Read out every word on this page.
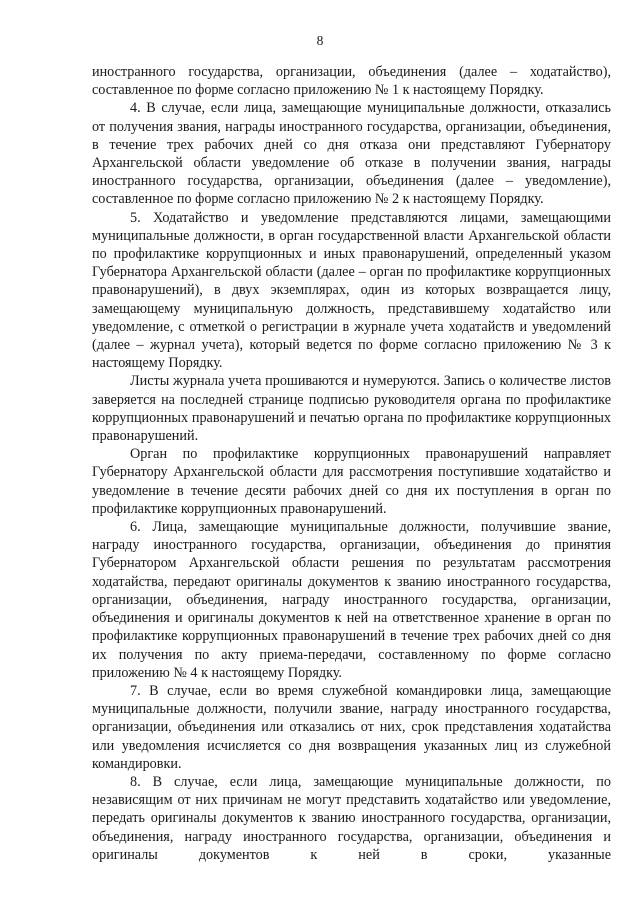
8

иностранного государства, организации, объединения (далее – ходатайство), составленное по форме согласно приложению № 1 к настоящему Порядку.

4. В случае, если лица, замещающие муниципальные должности, отказались от получения звания, награды иностранного государства, организации, объединения, в течение трех рабочих дней со дня отказа они представляют Губернатору Архангельской области уведомление об отказе в получении звания, награды иностранного государства, организации, объединения (далее – уведомление), составленное по форме согласно приложению № 2 к настоящему Порядку.

5. Ходатайство и уведомление представляются лицами, замещающими муниципальные должности, в орган государственной власти Архангельской области по профилактике коррупционных и иных правонарушений, определенный указом Губернатора Архангельской области (далее – орган по профилактике коррупционных правонарушений), в двух экземплярах, один из которых возвращается лицу, замещающему муниципальную должность, представившему ходатайство или уведомление, с отметкой о регистрации в журнале учета ходатайств и уведомлений (далее – журнал учета), который ведется по форме согласно приложению № 3 к настоящему Порядку.

Листы журнала учета прошиваются и нумеруются. Запись о количестве листов заверяется на последней странице подписью руководителя органа по профилактике коррупционных правонарушений и печатью органа по профилактике коррупционных правонарушений.

Орган по профилактике коррупционных правонарушений направляет Губернатору Архангельской области для рассмотрения поступившие ходатайство и уведомление в течение десяти рабочих дней со дня их поступления в орган по профилактике коррупционных правонарушений.

6. Лица, замещающие муниципальные должности, получившие звание, награду иностранного государства, организации, объединения до принятия Губернатором Архангельской области решения по результатам рассмотрения ходатайства, передают оригиналы документов к званию иностранного государства, организации, объединения, награду иностранного государства, организации, объединения и оригиналы документов к ней на ответственное хранение в орган по профилактике коррупционных правонарушений в течение трех рабочих дней со дня их получения по акту приема-передачи, составленному по форме согласно приложению № 4 к настоящему Порядку.

7. В случае, если во время служебной командировки лица, замещающие муниципальные должности, получили звание, награду иностранного государства, организации, объединения или отказались от них, срок представления ходатайства или уведомления исчисляется со дня возвращения указанных лиц из служебной командировки.

8. В случае, если лица, замещающие муниципальные должности, по независящим от них причинам не могут представить ходатайство или уведомление, передать оригиналы документов к званию иностранного государства, организации, объединения, награду иностранного государства, организации, объединения и оригиналы документов к ней в сроки, указанные
